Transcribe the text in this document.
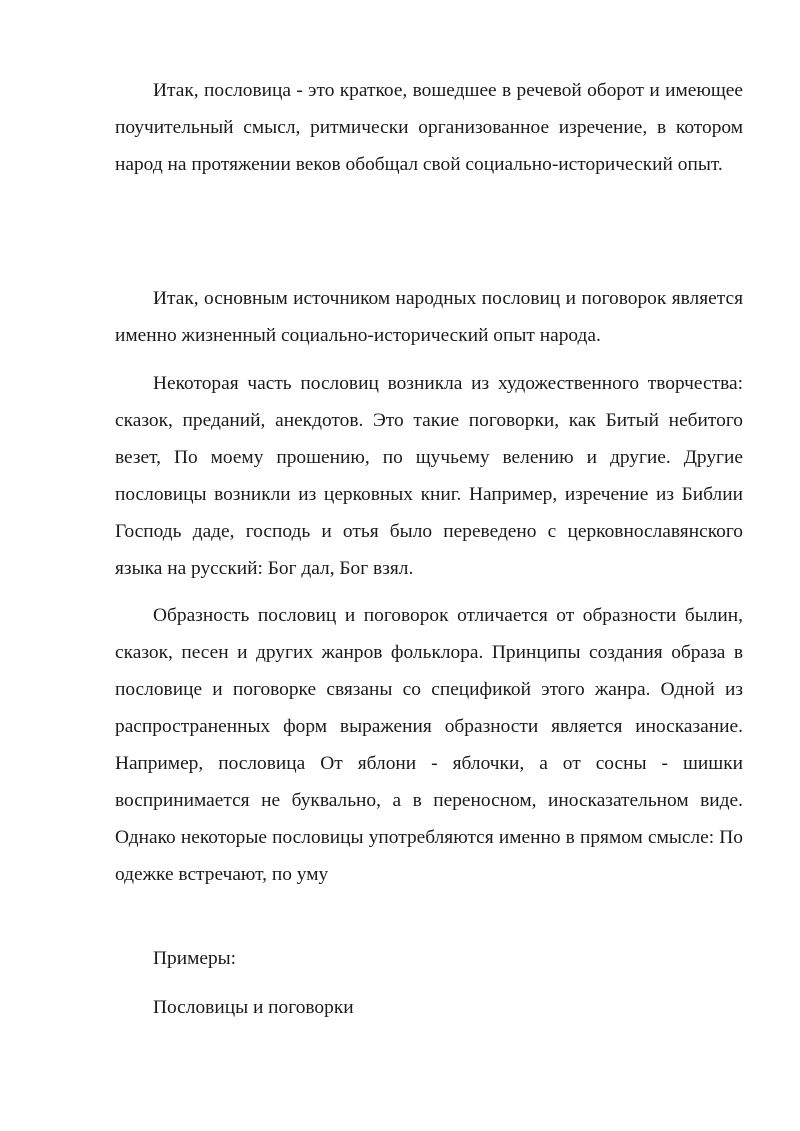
Итак, пословица - это краткое, вошедшее в речевой оборот и имеющее поучительный смысл, ритмически организованное изречение, в котором народ на протяжении веков обобщал свой социально-исторический опыт.

Итак, основным источником народных пословиц и поговорок является именно жизненный социально-исторический опыт народа.

Некоторая часть пословиц возникла из художественного творчества: сказок, преданий, анекдотов. Это такие поговорки, как Битый небитого везет, По моему прошению, по щучьему велению и другие. Другие пословицы возникли из церковных книг. Например, изречение из Библии Господь даде, господь и отья было переведено с церковнославянского языка на русский: Бог дал, Бог взял.

Образность пословиц и поговорок отличается от образности былин, сказок, песен и других жанров фольклора. Принципы создания образа в пословице и поговорке связаны со спецификой этого жанра. Одной из распространенных форм выражения образности является иносказание. Например, пословица От яблони - яблочки, а от сосны - шишки воспринимается не буквально, а в переносном, иносказательном виде. Однако некоторые пословицы употребляются именно в прямом смысле: По одежке встречают, по уму

Примеры:

Пословицы и поговорки
